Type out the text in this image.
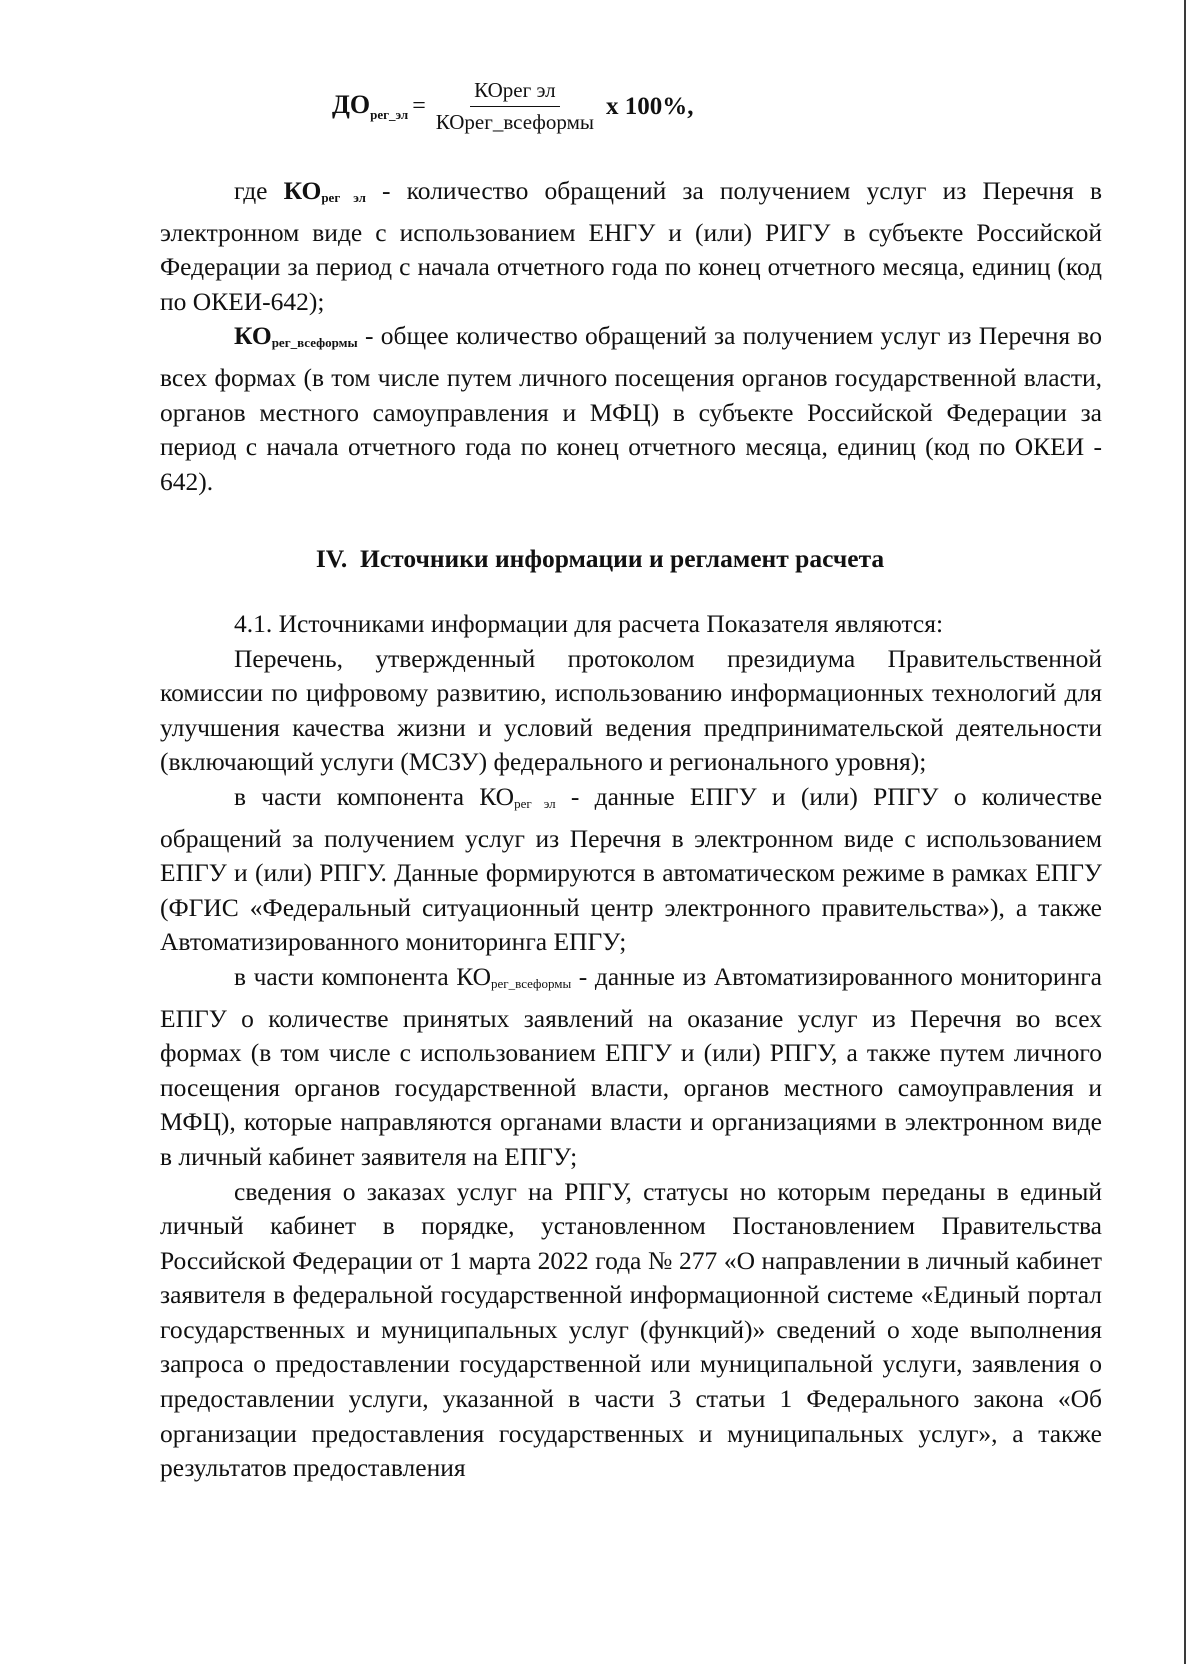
$ДО_{рег\_эл} = \frac{\text{КОрег эл}}{\text{КОрег\_всеформы}}$ х 100%,

где $КО_{рег эл}$ - количество обращений за получением услуг из Перечня в электронном виде с использованием ЕНГУ и (или) РИГУ в субъекте Российской Федерации за период с начала отчетного года по конец отчетного месяца, единиц (код по ОКЕИ-642);

$КО_{рег\_всеформы}$ - общее количество обращений за получением услуг из Перечня во всех формах (в том числе путем личного посещения органов государственной власти, органов местного самоуправления и МФЦ) в субъекте Российской Федерации за период с начала отчетного года по конец отчетного месяца, единиц (код по ОКЕИ - 642).

IV. Источники информации и регламент расчета

4.1. Источниками информации для расчета Показателя являются:

Перечень, утвержденный протоколом президиума Правительственной комиссии по цифровому развитию, использованию информационных технологий для улучшения качества жизни и условий ведения предпринимательской деятельности (включающий услуги (МСЗУ) федерального и регионального уровня);

в части компонента $КО_{рег эл}$ - данные ЕПГУ и (или) РПГУ о количестве обращений за получением услуг из Перечня в электронном виде с использованием ЕПГУ и (или) РПГУ. Данные формируются в автоматическом режиме в рамках ЕПГУ (ФГИС «Федеральный ситуационный центр электронного правительства»), а также Автоматизированного мониторинга ЕПГУ;

в части компонента $КО_{рег\_всеформы}$ - данные из Автоматизированного мониторинга ЕПГУ о количестве принятых заявлений на оказание услуг из Перечня во всех формах (в том числе с использованием ЕПГУ и (или) РПГУ, а также путем личного посещения органов государственной власти, органов местного самоуправления и МФЦ), которые направляются органами власти и организациями в электронном виде в личный кабинет заявителя на ЕПГУ;

сведения о заказах услуг на РПГУ, статусы но которым переданы в единый личный кабинет в порядке, установленном Постановлением Правительства Российской Федерации от 1 марта 2022 года № 277 «О направлении в личный кабинет заявителя в федеральной государственной информационной системе «Единый портал государственных и муниципальных услуг (функций)» сведений о ходе выполнения запроса о предоставлении государственной или муниципальной услуги, заявления о предоставлении услуги, указанной в части 3 статьи 1 Федерального закона «Об организации предоставления государственных и муниципальных услуг», а также результатов предоставления
